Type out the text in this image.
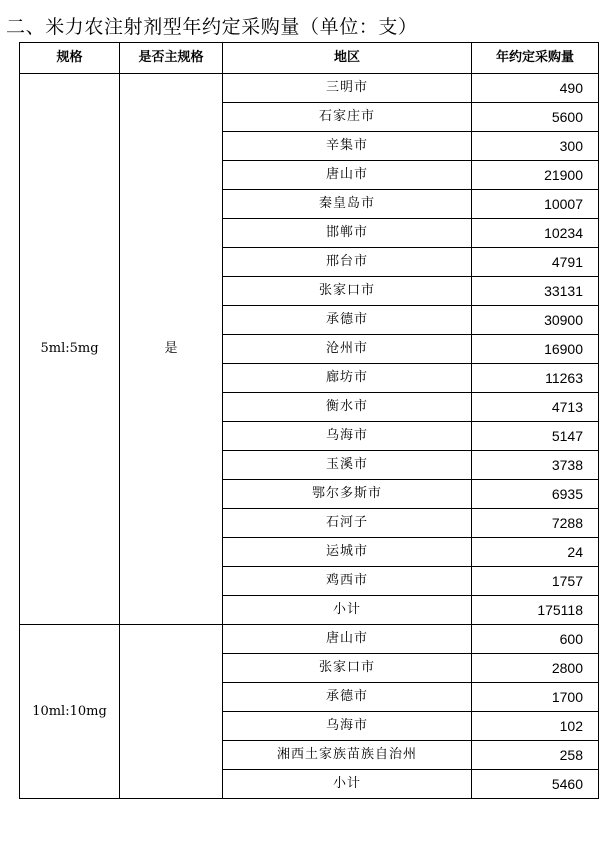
二、米力农注射剂型年约定采购量（单位：支）
规格	是否主规格	地区	年约定采购量
5ml:5mg	是	三明市	490
		石家庄市	5600
		辛集市	300
		唐山市	21900
		秦皇岛市	10007
		邯郸市	10234
		邢台市	4791
		张家口市	33131
		承德市	30900
		沧州市	16900
		廊坊市	11263
		衡水市	4713
		乌海市	5147
		玉溪市	3738
		鄂尔多斯市	6935
		石河子	7288
		运城市	24
		鸡西市	1757
		小计	175118
10ml:10mg		唐山市	600
		张家口市	2800
		承德市	1700
		乌海市	102
		湘西土家族苗族自治州	258
		小计	5460
